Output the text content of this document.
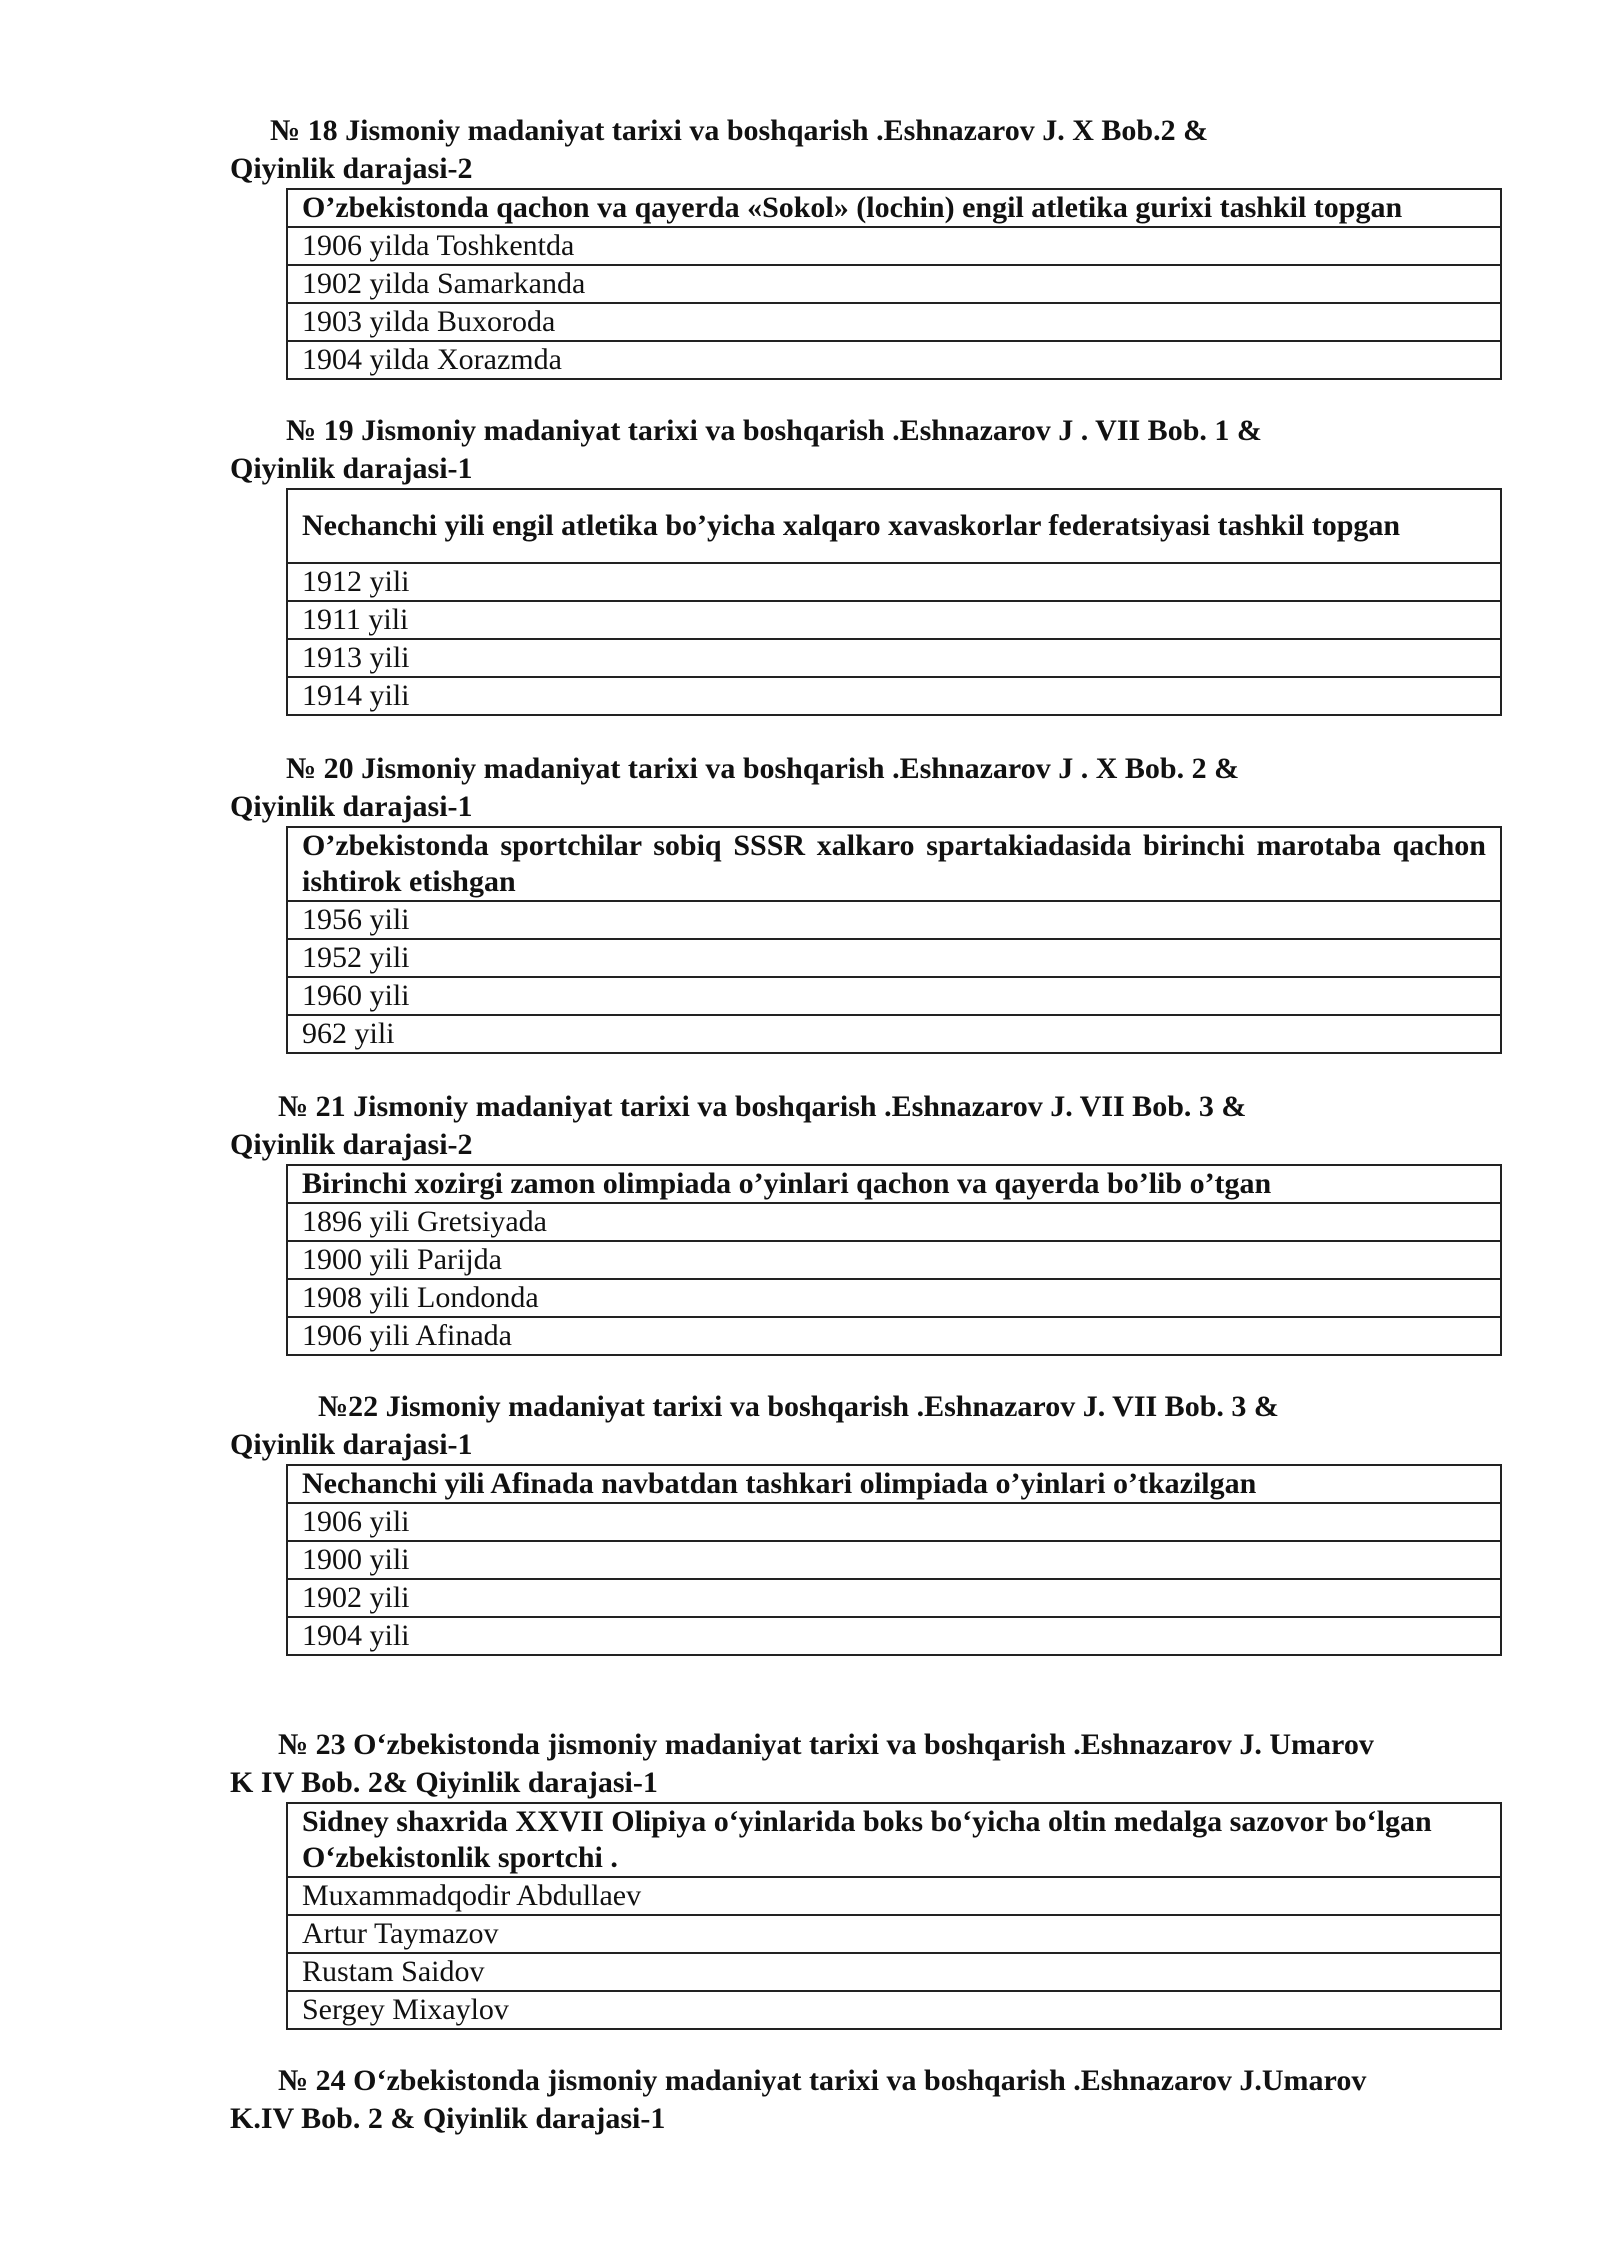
№ 18 Jismoniy madaniyat tarixi va boshqarish .Eshnazarov J. X Bob.2 &
Qiyinlik darajasi-2

O’zbekistonda qachon va qayerda «Sokol» (lochin) engil atletika gurixi tashkil topgan
1906 yilda Toshkentda
1902 yilda Samarkanda
1903 yilda Buxoroda
1904 yilda Xorazmda

№ 19 Jismoniy madaniyat tarixi va boshqarish .Eshnazarov J . VII Bob. 1 &
Qiyinlik darajasi-1

Nechanchi yili engil atletika bo’yicha xalqaro xavaskorlar federatsiyasi tashkil topgan
1912 yili
1911 yili
1913 yili
1914 yili

№ 20 Jismoniy madaniyat tarixi va boshqarish .Eshnazarov J . X Bob. 2 &
Qiyinlik darajasi-1

O’zbekistonda sportchilar sobiq SSSR xalkaro spartakiadasida birinchi marotaba qachon ishtirok etishgan
1956 yili
1952 yili
1960 yili
962 yili

№ 21 Jismoniy madaniyat tarixi va boshqarish .Eshnazarov J. VII Bob. 3 &
Qiyinlik darajasi-2

Birinchi xozirgi zamon olimpiada o’yinlari qachon va qayerda bo’lib o’tgan
1896 yili Gretsiyada
1900 yili Parijda
1908 yili Londonda
1906 yili Afinada

№22 Jismoniy madaniyat tarixi va boshqarish .Eshnazarov J. VII Bob. 3 &
Qiyinlik darajasi-1

Nechanchi yili Afinada navbatdan tashkari olimpiada o’yinlari o’tkazilgan
1906 yili
1900 yili
1902 yili
1904 yili

№ 23 O‘zbekistonda jismoniy madaniyat tarixi va boshqarish .Eshnazarov J. Umarov
K IV Bob. 2& Qiyinlik darajasi-1

Sidney shaxrida XXVII Olipiya o‘yinlarida boks bo‘yicha oltin medalga sazovor bo‘lgan O‘zbekistonlik sportchi .
Muxammadqodir Abdullaev
Artur Taymazov
Rustam Saidov
Sergey Mixaylov

№ 24 O‘zbekistonda jismoniy madaniyat tarixi va boshqarish .Eshnazarov J.Umarov
K.IV Bob. 2 & Qiyinlik darajasi-1
